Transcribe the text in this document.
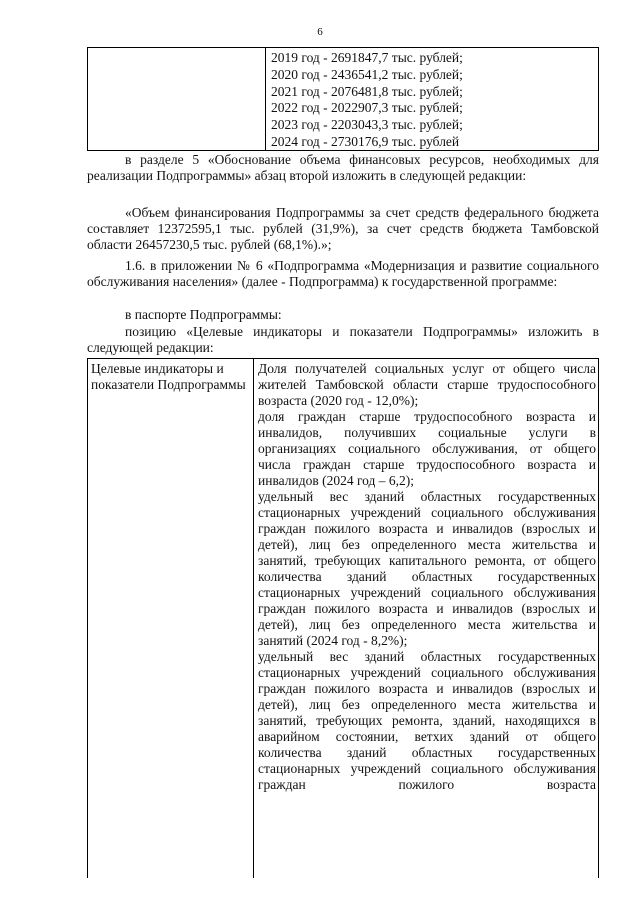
6
2019 год - 2691847,7 тыс. рублей;
2020 год - 2436541,2 тыс. рублей;
2021 год - 2076481,8 тыс. рублей;
2022 год - 2022907,3 тыс. рублей;
2023 год - 2203043,3 тыс. рублей;
2024 год - 2730176,9 тыс. рублей

в разделе 5 «Обоснование объема финансовых ресурсов, необходимых для реализации Подпрограммы» абзац второй изложить в следующей редакции:

«Объем финансирования Подпрограммы за счет средств федерального бюджета составляет 12372595,1 тыс. рублей (31,9%), за счет средств бюджета Тамбовской области 26457230,5 тыс. рублей (68,1%).»;

1.6. в приложении № 6 «Подпрограмма «Модернизация и развитие социального обслуживания населения» (далее - Подпрограмма) к государственной программе:

в паспорте Подпрограммы:

позицию «Целевые индикаторы и показатели Подпрограммы» изложить в следующей редакции:

Целевые индикаторы и показатели Подпрограммы

Доля получателей социальных услуг от общего числа жителей Тамбовской области старше трудоспособного возраста (2020 год - 12,0%);

доля граждан старше трудоспособного возраста и инвалидов, получивших социальные услуги в организациях социального обслуживания, от общего числа граждан старше трудоспособного возраста и инвалидов (2024 год – 6,2);

удельный вес зданий областных государственных стационарных учреждений социального обслуживания граждан пожилого возраста и инвалидов (взрослых и детей), лиц без определенного места жительства и занятий, требующих капитального ремонта, от общего количества зданий областных государственных стационарных учреждений социального обслуживания граждан пожилого возраста и инвалидов (взрослых и детей), лиц без определенного места жительства и занятий (2024 год - 8,2%);

удельный вес зданий областных государственных стационарных учреждений социального обслуживания граждан пожилого возраста и инвалидов (взрослых и детей), лиц без определенного места жительства и занятий, требующих ремонта, зданий, находящихся в аварийном состоянии, ветхих зданий от общего количества зданий областных государственных стационарных учреждений социального обслуживания граждан пожилого возраста
